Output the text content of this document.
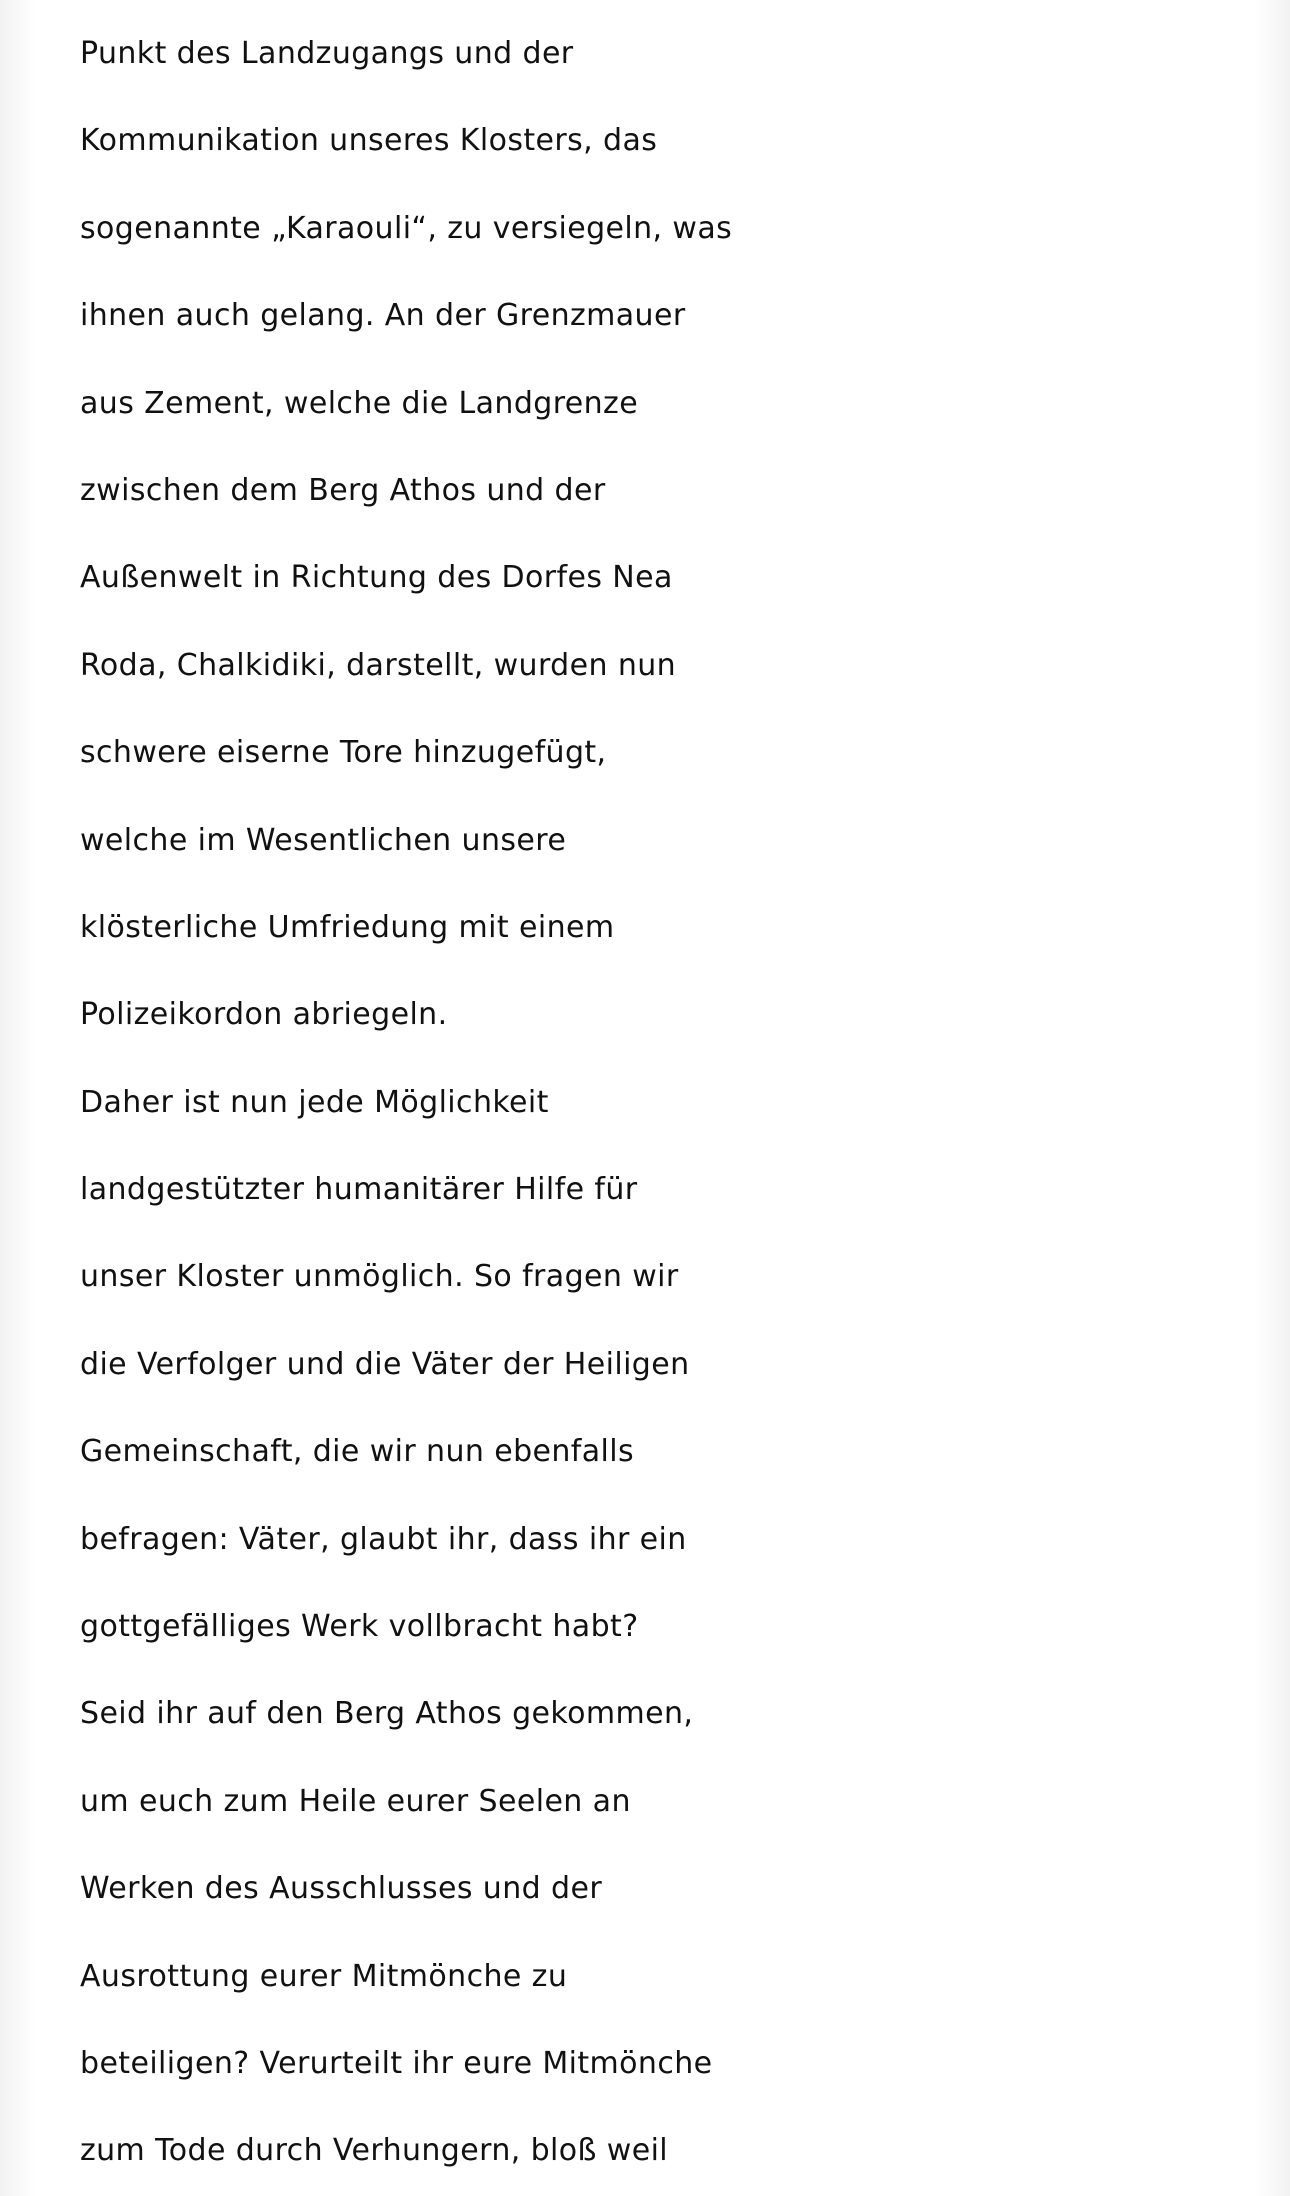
Punkt des Landzugangs und der
Kommunikation unseres Klosters, das
sogenannte „Karaouli“, zu versiegeln, was
ihnen auch gelang. An der Grenzmauer
aus Zement, welche die Landgrenze
zwischen dem Berg Athos und der
Außenwelt in Richtung des Dorfes Nea
Roda, Chalkidiki, darstellt, wurden nun
schwere eiserne Tore hinzugefügt,
welche im Wesentlichen unsere
klösterliche Umfriedung mit einem
Polizeikordon abriegeln.
Daher ist nun jede Möglichkeit
landgestützter humanitärer Hilfe für
unser Kloster unmöglich. So fragen wir
die Verfolger und die Väter der Heiligen
Gemeinschaft, die wir nun ebenfalls
befragen: Väter, glaubt ihr, dass ihr ein
gottgefälliges Werk vollbracht habt?
Seid ihr auf den Berg Athos gekommen,
um euch zum Heile eurer Seelen an
Werken des Ausschlusses und der
Ausrottung eurer Mitmönche zu
beteiligen? Verurteilt ihr eure Mitmönche
zum Tode durch Verhungern, bloß weil
